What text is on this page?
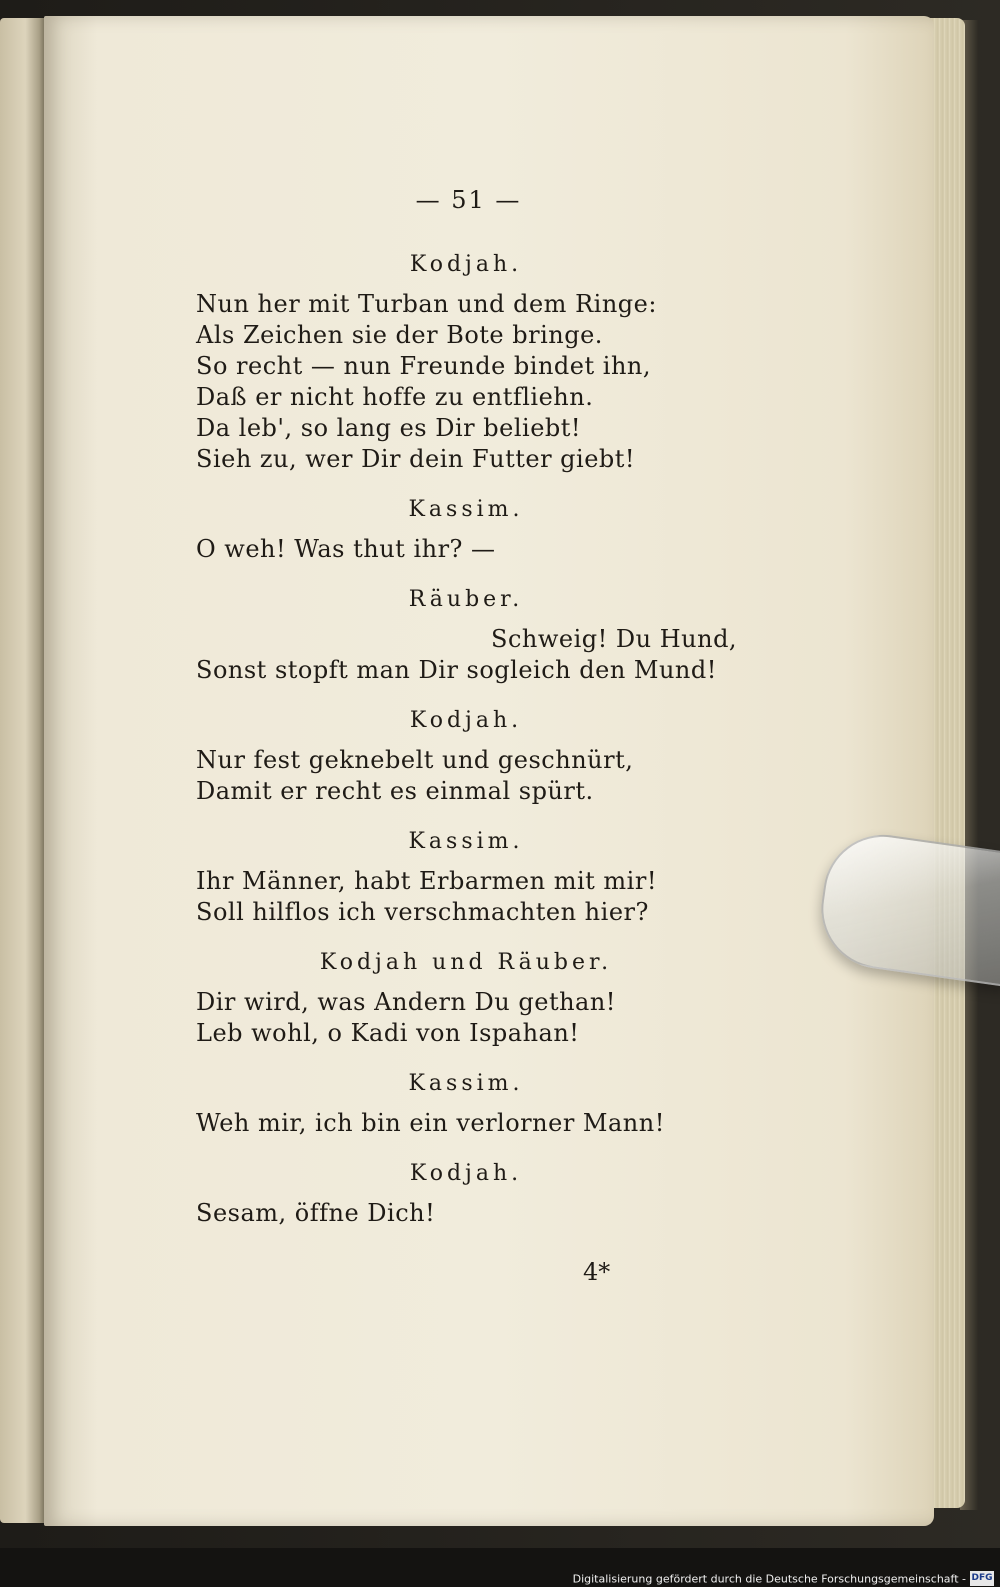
— 51 —
Kodjah.

Nun her mit Turban und dem Ringe:

Als Zeichen sie der Bote bringe.

So recht — nun Freunde bindet ihn,

Daß er nicht hoffe zu entfliehn.

Da leb', so lang es Dir beliebt!

Sieh zu, wer Dir dein Futter giebt!

Kassim.

O weh! Was thut ihr? —

Räuber.

Schweig! Du Hund,

Sonst stopft man Dir sogleich den Mund!

Kodjah.

Nur fest geknebelt und geschnürt,

Damit er recht es einmal spürt.

Kassim.

Ihr Männer, habt Erbarmen mit mir!

Soll hilflos ich verschmachten hier?

Kodjah und Räuber.

Dir wird, was Andern Du gethan!

Leb wohl, o Kadi von Ispahan!

Kassim.

Weh mir, ich bin ein verlorner Mann!

Kodjah.

Sesam, öffne Dich!

4*
Digitalisierung gefördert durch die Deutsche Forschungsgemeinschaft - DFG
